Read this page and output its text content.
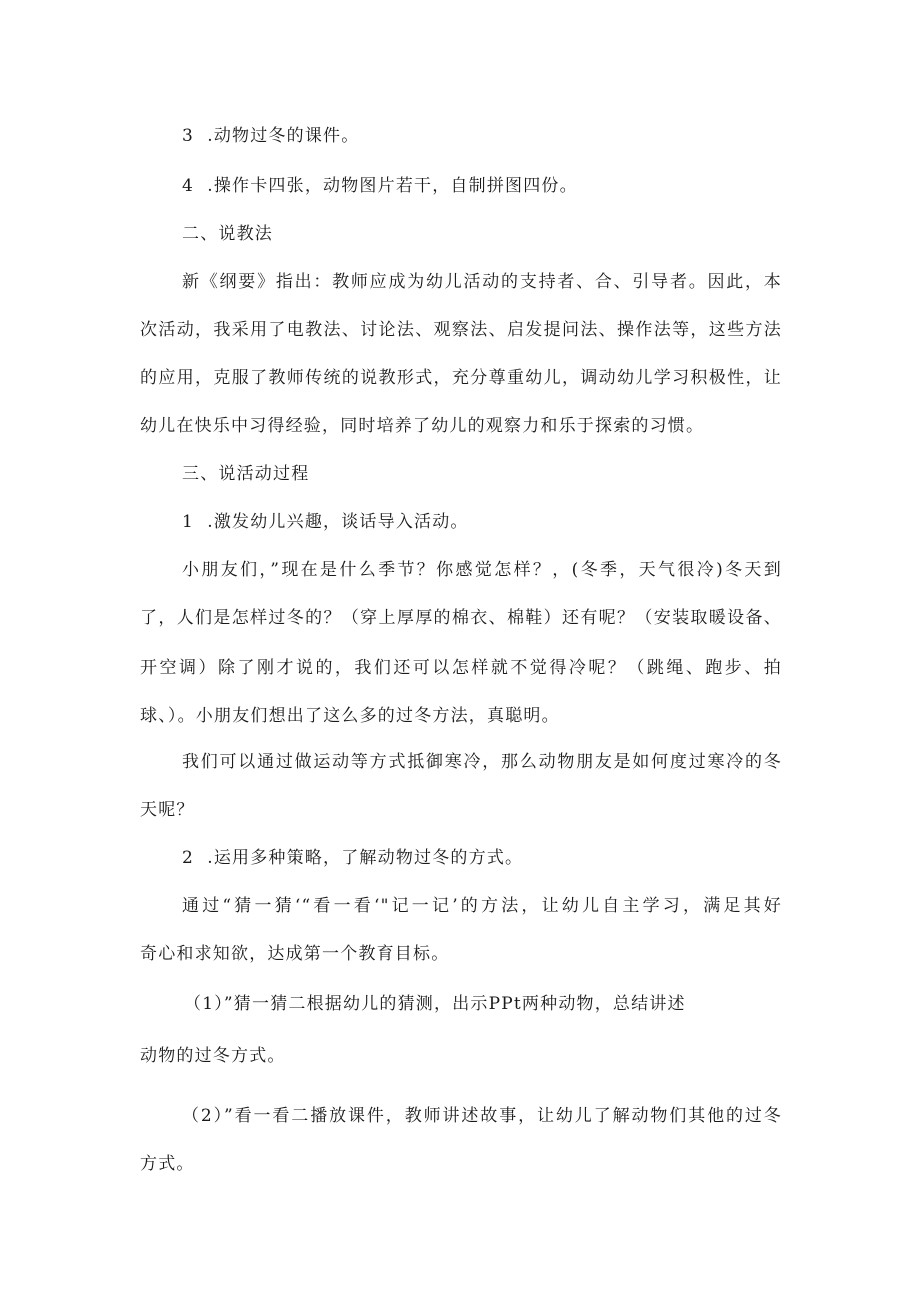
3  .动物过冬的课件。
4  .操作卡四张，动物图片若干，自制拼图四份。
二、说教法
新《纲要》指出：教师应成为幼儿活动的支持者、合、引导者。因此，本
次活动，我采用了电教法、讨论法、观察法、启发提问法、操作法等，这些方法
的应用，克服了教师传统的说教形式，充分尊重幼儿，调动幼儿学习积极性，让
幼儿在快乐中习得经验，同时培养了幼儿的观察力和乐于探索的习惯。
三、说活动过程
1  .激发幼儿兴趣，谈话导入活动。
小朋友们，”现在是什么季节？你感觉怎样？，(冬季，天气很冷)冬天到
了，人们是怎样过冬的？（穿上厚厚的棉衣、棉鞋）还有呢？（安装取暖设备、
开空调）除了刚才说的，我们还可以怎样就不觉得冷呢？（跳绳、跑步、拍
球、）。小朋友们想出了这么多的过冬方法，真聪明。
我们可以通过做运动等方式抵御寒冷，那么动物朋友是如何度过寒冷的冬
天呢？
2  .运用多种策略，了解动物过冬的方式。
通过“猜一猜‘“看一看‘"记一记’的方法，让幼儿自主学习，满足其好
奇心和求知欲，达成第一个教育目标。
（1）”猜一猜二根据幼儿的猜测，出示PPt两种动物，总结讲述
动物的过冬方式。
（2）”看一看二播放课件，教师讲述故事，让幼儿了解动物们其他的过冬
方式。
